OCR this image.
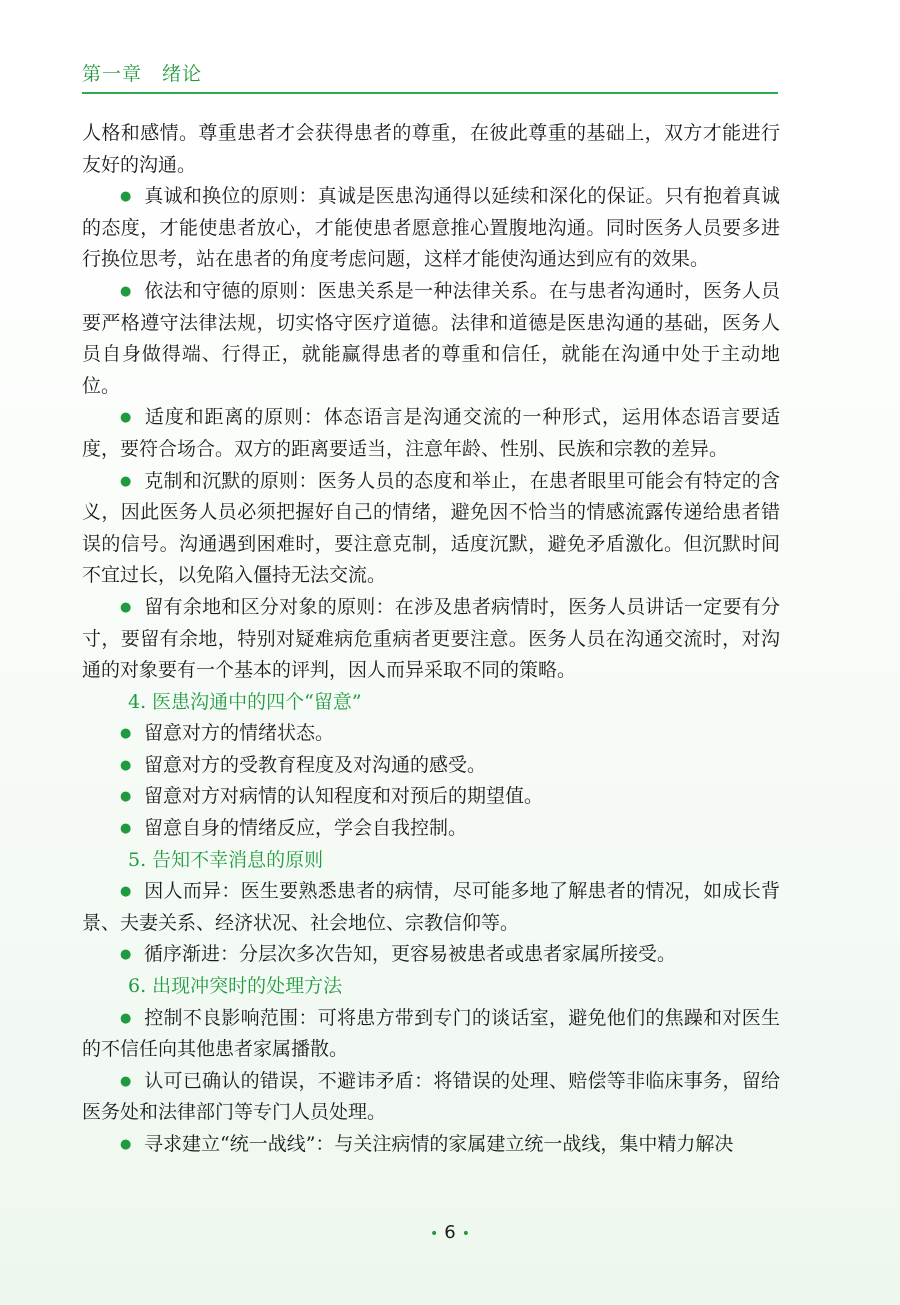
第一章　绪论

人格和感情。尊重患者才会获得患者的尊重，在彼此尊重的基础上，双方才能进行友好的沟通。

● 真诚和换位的原则：真诚是医患沟通得以延续和深化的保证。只有抱着真诚的态度，才能使患者放心，才能使患者愿意推心置腹地沟通。同时医务人员要多进行换位思考，站在患者的角度考虑问题，这样才能使沟通达到应有的效果。

● 依法和守德的原则：医患关系是一种法律关系。在与患者沟通时，医务人员要严格遵守法律法规，切实恪守医疗道德。法律和道德是医患沟通的基础，医务人员自身做得端、行得正，就能赢得患者的尊重和信任，就能在沟通中处于主动地位。

● 适度和距离的原则：体态语言是沟通交流的一种形式，运用体态语言要适度，要符合场合。双方的距离要适当，注意年龄、性别、民族和宗教的差异。

● 克制和沉默的原则：医务人员的态度和举止，在患者眼里可能会有特定的含义，因此医务人员必须把握好自己的情绪，避免因不恰当的情感流露传递给患者错误的信号。沟通遇到困难时，要注意克制，适度沉默，避免矛盾激化。但沉默时间不宜过长，以免陷入僵持无法交流。

● 留有余地和区分对象的原则：在涉及患者病情时，医务人员讲话一定要有分寸，要留有余地，特别对疑难病危重病者更要注意。医务人员在沟通交流时，对沟通的对象要有一个基本的评判，因人而异采取不同的策略。

4. 医患沟通中的四个“留意”

● 留意对方的情绪状态。

● 留意对方的受教育程度及对沟通的感受。

● 留意对方对病情的认知程度和对预后的期望值。

● 留意自身的情绪反应，学会自我控制。

5. 告知不幸消息的原则

● 因人而异：医生要熟悉患者的病情，尽可能多地了解患者的情况，如成长背景、夫妻关系、经济状况、社会地位、宗教信仰等。

● 循序渐进：分层次多次告知，更容易被患者或患者家属所接受。

6. 出现冲突时的处理方法

● 控制不良影响范围：可将患方带到专门的谈话室，避免他们的焦躁和对医生的不信任向其他患者家属播散。

● 认可已确认的错误，不避讳矛盾：将错误的处理、赔偿等非临床事务，留给医务处和法律部门等专门人员处理。

● 寻求建立“统一战线”：与关注病情的家属建立统一战线，集中精力解决

• 6 •
